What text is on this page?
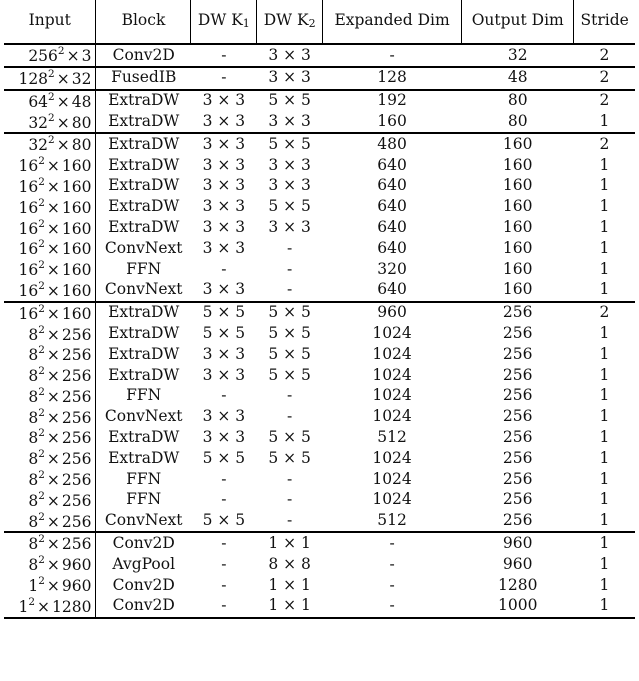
Input	Block	DW K1	DW K2	Expanded Dim	Output Dim	Stride
$256^2 \times 3$	Conv2D	-	3 × 3	-	32	2
$128^2 \times 32$	FusedIB	-	3 × 3	128	48	2
$64^2 \times 48$	ExtraDW	3 × 3	5 × 5	192	80	2
$32^2 \times 80$	ExtraDW	3 × 3	3 × 3	160	80	1
$32^2 \times 80$	ExtraDW	3 × 3	5 × 5	480	160	2
$16^2 \times 160$	ExtraDW	3 × 3	3 × 3	640	160	1
$16^2 \times 160$	ExtraDW	3 × 3	3 × 3	640	160	1
$16^2 \times 160$	ExtraDW	3 × 3	5 × 5	640	160	1
$16^2 \times 160$	ExtraDW	3 × 3	3 × 3	640	160	1
$16^2 \times 160$	ConvNext	3 × 3	-	640	160	1
$16^2 \times 160$	FFN	-	-	320	160	1
$16^2 \times 160$	ConvNext	3 × 3	-	640	160	1
$16^2 \times 160$	ExtraDW	5 × 5	5 × 5	960	256	2
$8^2 \times 256$	ExtraDW	5 × 5	5 × 5	1024	256	1
$8^2 \times 256$	ExtraDW	3 × 3	5 × 5	1024	256	1
$8^2 \times 256$	ExtraDW	3 × 3	5 × 5	1024	256	1
$8^2 \times 256$	FFN	-	-	1024	256	1
$8^2 \times 256$	ConvNext	3 × 3	-	1024	256	1
$8^2 \times 256$	ExtraDW	3 × 3	5 × 5	512	256	1
$8^2 \times 256$	ExtraDW	5 × 5	5 × 5	1024	256	1
$8^2 \times 256$	FFN	-	-	1024	256	1
$8^2 \times 256$	FFN	-	-	1024	256	1
$8^2 \times 256$	ConvNext	5 × 5	-	512	256	1
$8^2 \times 256$	Conv2D	-	1 × 1	-	960	1
$8^2 \times 960$	AvgPool	-	8 × 8	-	960	1
$1^2 \times 960$	Conv2D	-	1 × 1	-	1280	1
$1^2 \times 1280$	Conv2D	-	1 × 1	-	1000	1
